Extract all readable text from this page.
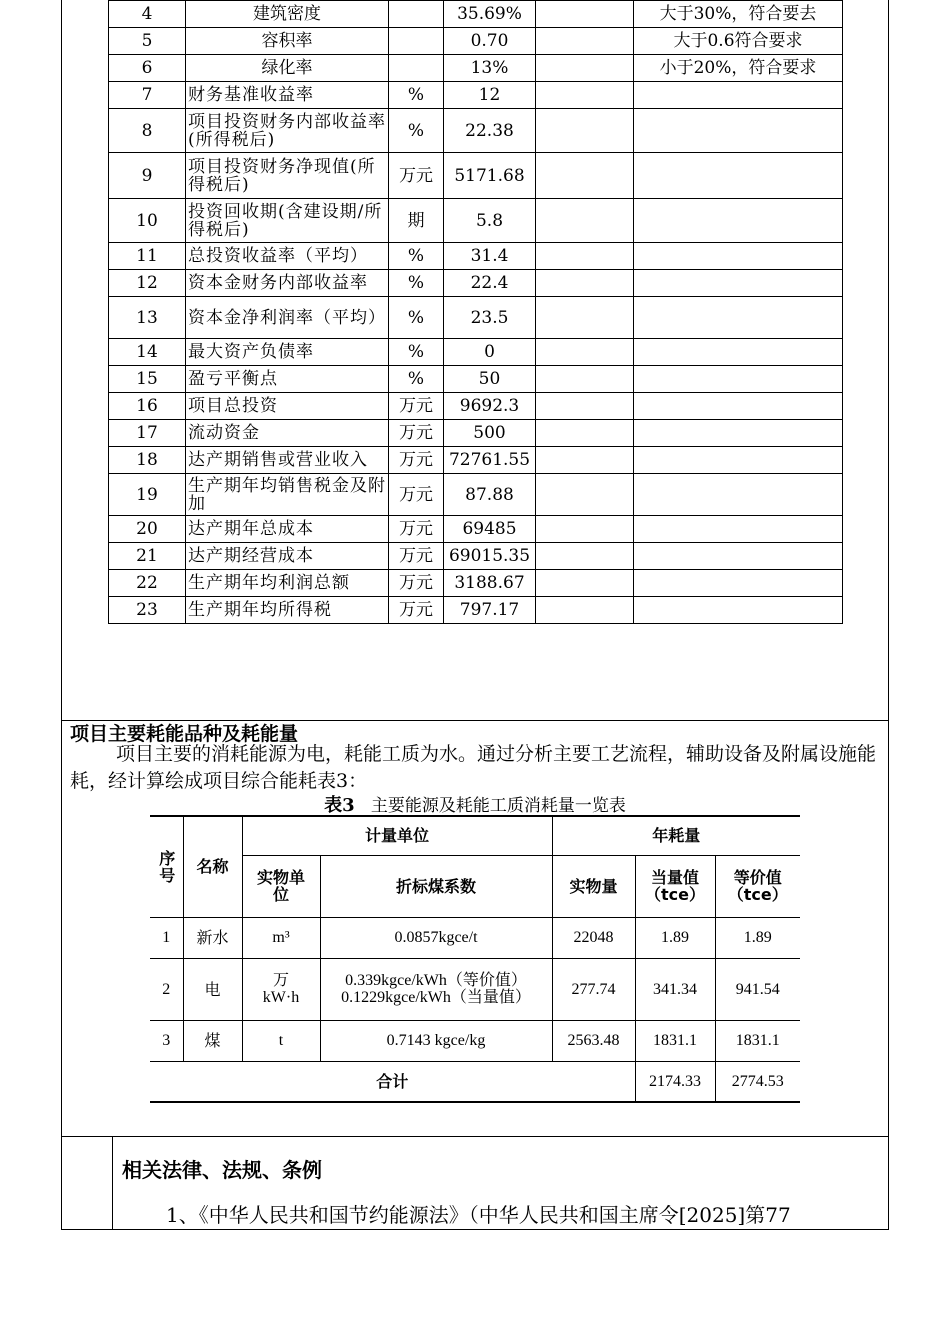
4	建筑密度		35.69%		大于30%，符合要去
5	容积率		0.70		大于0.6符合要求
6	绿化率		13%		小于20%，符合要求
7	财务基准收益率	%	12		
8	项目投资财务内部收益率(所得税后)	%	22.38		
9	项目投资财务净现值(所得税后)	万元	5171.68		
10	投资回收期(含建设期/所得税后)	期	5.8		
11	总投资收益率（平均）	%	31.4		
12	资本金财务内部收益率	%	22.4		
13	资本金净利润率（平均）	%	23.5		
14	最大资产负债率	%	0		
15	盈亏平衡点	%	50		
16	项目总投资	万元	9692.3		
17	流动资金	万元	500		
18	达产期销售或营业收入	万元	72761.55		
19	生产期年均销售税金及附加	万元	87.88		
20	达产期年总成本	万元	69485		
21	达产期经营成本	万元	69015.35		
22	生产期年均利润总额	万元	3188.67		
23	生产期年均所得税	万元	797.17		
项目主要耗能品种及耗能量
项目主要的消耗能源为电，耗能工质为水。通过分析主要工艺流程，辅助设备及附属设施能耗，经计算绘成项目综合能耗表3：
表3 主要能源及耗能工质消耗量一览表
序号	名称	计量单位		年耗量		
		实物单位	折标煤系数	实物量	当量值（tce）	等价值（tce）
1	新水	m³	0.0857kgce/t	22048	1.89	1.89
2	电	万kW·h	0.339kgce/kWh（等价值）0.1229kgce/kWh（当量值）	277.74	341.34	941.54
3	煤	t	0.7143 kgce/kg	2563.48	1831.1	1831.1
合计					2174.33	2774.53
相关法律、法规、条例
1、《中华人民共和国节约能源法》（中华人民共和国主席令[2025]第77
